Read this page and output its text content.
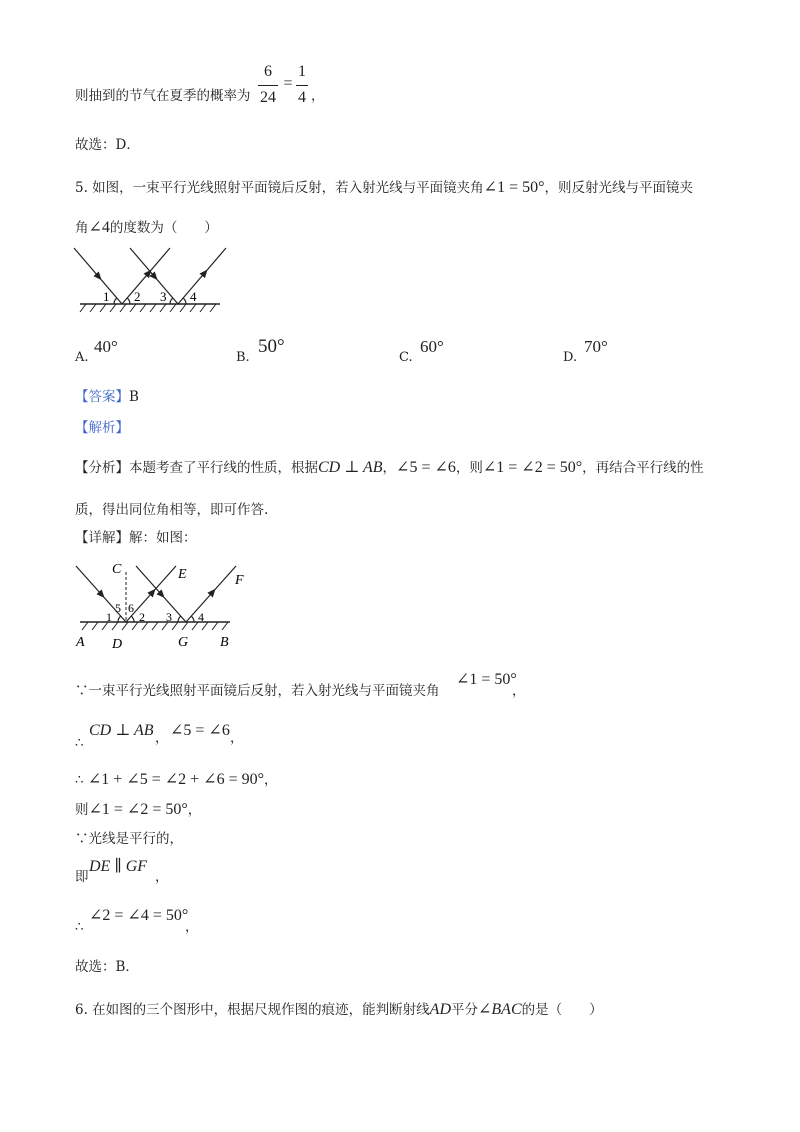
则抽到的节气在夏季的概率为
6
24
=
1
4 ，
故选：D．
5. 如图，一束平行光线照射平面镜后反射，若入射光线与平面镜夹角∠1 = 50°，则反射光线与平面镜夹
角∠4的度数为（　　）
1 2 3 4
A.
40°
B.
50°
C.
60°
D.
70°
【答案】B
【解析】
【分析】本题考查了平行线的性质，根据CD ⊥ AB，∠5 = ∠6，则∠1 = ∠2 = 50°，再结合平行线的性
质，得出同位角相等，即可作答.
【详解】解：如图：
C	E	F
5 6
1 2 3 4
A D	G B
∵一束平行光线照射平面镜后反射，若入射光线与平面镜夹角
∠1 = 50°
，
∴
CD ⊥ AB ， ∠5 = ∠6 ，
∴ ∠1 + ∠5 = ∠2 + ∠6 = 90°，
则∠1 = ∠2 = 50°，
∵光线是平行的，
即
DE ∥ GF
，
∴
∠2 = ∠4 = 50°
，
故选：B．
6. 在如图的三个图形中，根据尺规作图的痕迹，能判断射线AD平分∠BAC的是（　　）
